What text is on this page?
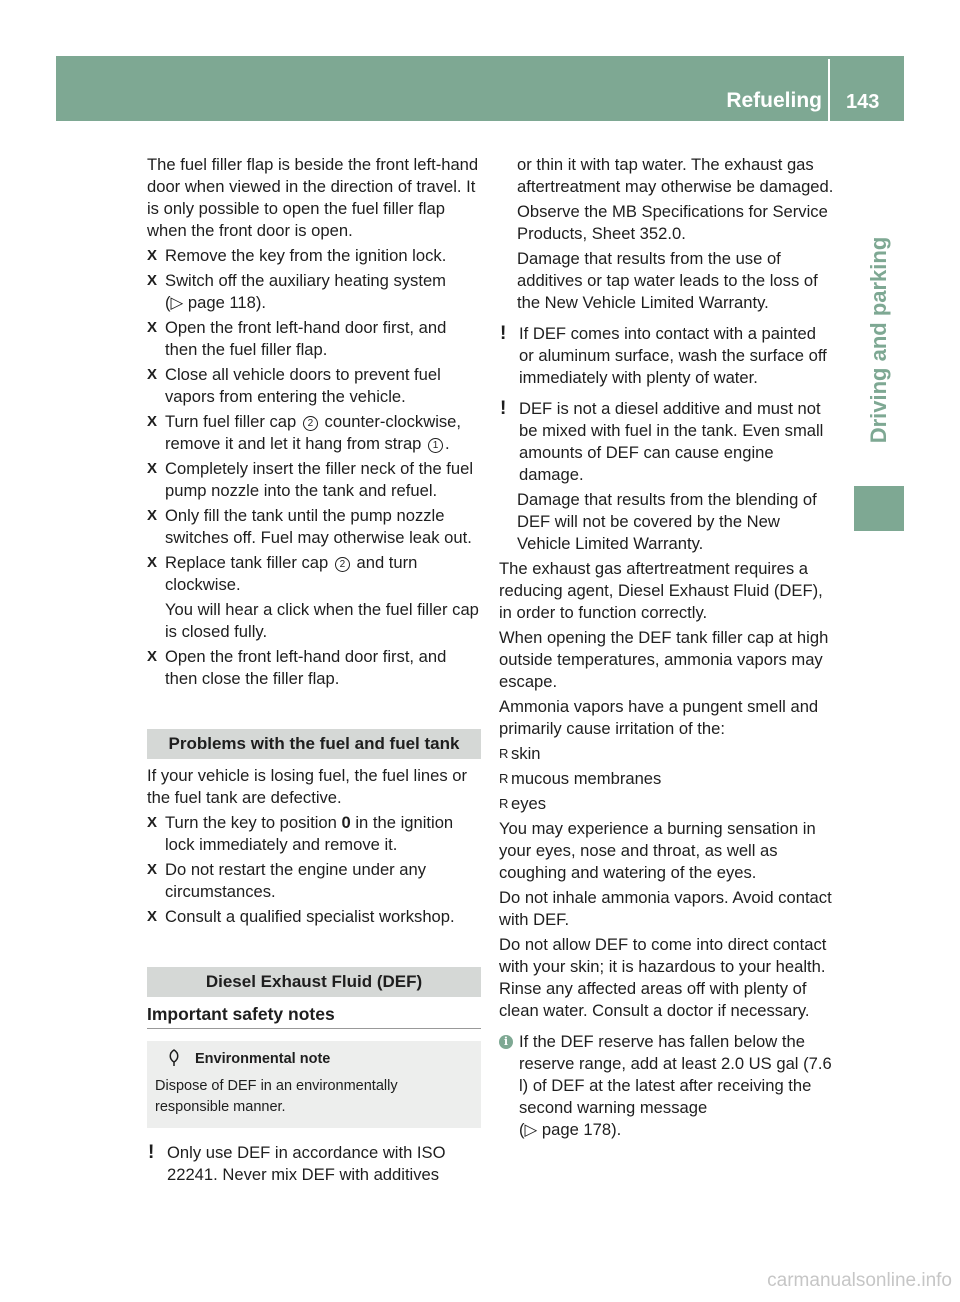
Refueling 143
Driving and parking

The fuel filler flap is beside the front left-hand door when viewed in the direction of travel. It is only possible to open the fuel filler flap when the front door is open.

X Remove the key from the ignition lock.
X Switch off the auxiliary heating system
(▷ page 118).
X Open the front left-hand door first, and then the fuel filler flap.
X Close all vehicle doors to prevent fuel vapors from entering the vehicle.
X Turn fuel filler cap 2 counter-clockwise, remove it and let it hang from strap 1 .
X Completely insert the filler neck of the fuel pump nozzle into the tank and refuel.
X Only fill the tank until the pump nozzle switches off. Fuel may otherwise leak out.
X Replace tank filler cap 2 and turn clockwise.
You will hear a click when the fuel filler cap is closed fully.
X Open the front left-hand door first, and then close the filler flap.
Problems with the fuel and fuel tank

If your vehicle is losing fuel, the fuel lines or the fuel tank are defective.

X Turn the key to position 0 in the ignition lock immediately and remove it.
X Do not restart the engine under any circumstances.
X Consult a qualified specialist workshop.
Diesel Exhaust Fluid (DEF)
Important safety notes
Environmental note
Dispose of DEF in an environmentally responsible manner.
! Only use DEF in accordance with ISO 22241. Never mix DEF with additives
or thin it with tap water. The exhaust gas aftertreatment may otherwise be damaged.
Observe the MB Specifications for Service Products, Sheet 352.0.
Damage that results from the use of additives or tap water leads to the loss of the New Vehicle Limited Warranty.
! If DEF comes into contact with a painted or aluminum surface, wash the surface off immediately with plenty of water.
! DEF is not a diesel additive and must not be mixed with fuel in the tank. Even small amounts of DEF can cause engine damage.
Damage that results from the blending of DEF will not be covered by the New Vehicle Limited Warranty.

The exhaust gas aftertreatment requires a reducing agent, Diesel Exhaust Fluid (DEF), in order to function correctly.

When opening the DEF tank filler cap at high outside temperatures, ammonia vapors may escape.

Ammonia vapors have a pungent smell and primarily cause irritation of the:

R skin
R mucous membranes
R eyes

You may experience a burning sensation in your eyes, nose and throat, as well as coughing and watering of the eyes.

Do not inhale ammonia vapors. Avoid contact with DEF.

Do not allow DEF to come into direct contact with your skin; it is hazardous to your health. Rinse any affected areas off with plenty of clean water. Consult a doctor if necessary.

i If the DEF reserve has fallen below the reserve range, add at least 2.0 US gal (7.6 l) of DEF at the latest after receiving the second warning message
(▷ page 178).
carmanualsonline.info
